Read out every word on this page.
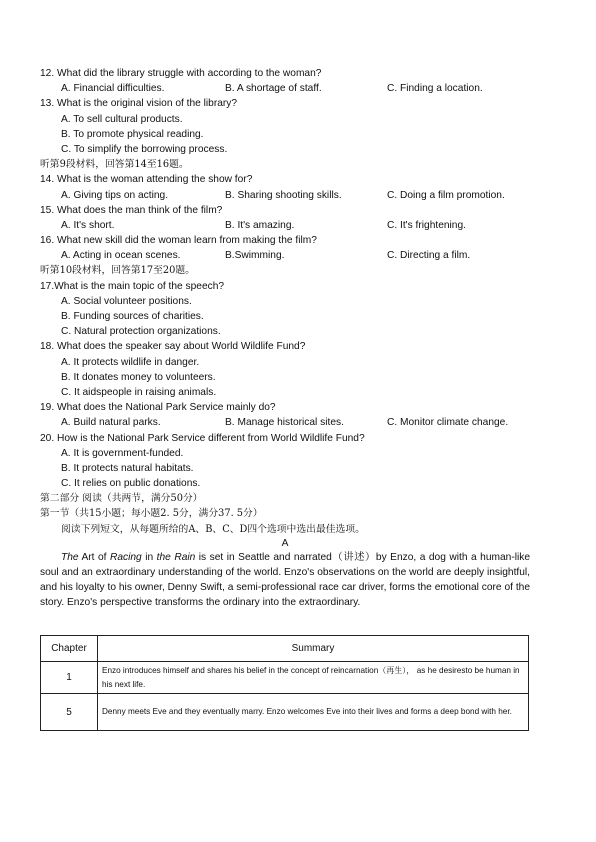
12. What did the library struggle with according to the woman?
A. Financial difficulties.	B. A shortage of staff.	C. Finding a location.
13. What is the original vision of the library?
A. To sell cultural products.
B. To promote physical reading.
C. To simplify the borrowing process.
听第9段材料，回答第14至16题。
14. What is the woman attending the show for?
A. Giving tips on acting.	B. Sharing shooting skills.	C. Doing a film promotion.
15. What does the man think of the film?
A. It's short.	B. It's amazing.	C. It's frightening.
16. What new skill did the woman learn from making the film?
A. Acting in ocean scenes.	B.Swimming.	C. Directing a film.
听第10段材料，回答第17至20题。
17.What is the main topic of the speech?
A. Social volunteer positions.
B. Funding sources of charities.
C. Natural protection organizations.
18. What does the speaker say about World Wildlife Fund?
A. It protects wildlife in danger.
B. It donates money to volunteers.
C. It aidspeople in raising animals.
19. What does the National Park Service mainly do?
A. Build natural parks.	B. Manage historical sites.	C. Monitor climate change.
20. How is the National Park Service different from World Wildlife Fund?
A. It is government-funded.
B. It protects natural habitats.
C. It relies on public donations.
第二部分 阅读（共两节，满分50分）
第一节（共15小题；每小题2. 5分，满分37. 5分）
阅读下列短文，从每题所给的A、B、C、D四个选项中选出最佳选项。
A
The Art of Racing in the Rain is set in Seattle and narrated（讲述）by Enzo, a dog with a human-like soul and an extraordinary understanding of the world. Enzo's observations on the world are deeply insightful, and his loyalty to his owner, Denny Swift, a semi-professional race car driver, forms the emotional core of the story. Enzo's perspective transforms the ordinary into the extraordinary.
Chapter	Summary
1	Enzo introduces himself and shares his belief in the concept of reincarnation（再生）， as he desiresto be human in his next life.
5	Denny meets Eve and they eventually marry. Enzo welcomes Eve into their lives and forms a deep bond with her.
